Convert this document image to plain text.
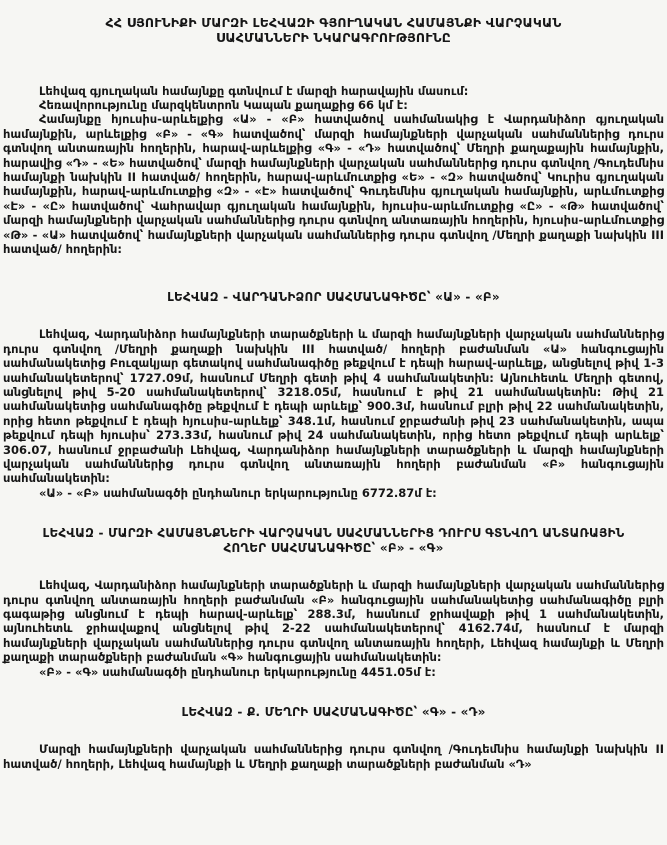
ՀՀ ՍՅՈՒՆԻՔԻ ՄԱՐԶԻ ԼԵՀՎԱԶԻ ԳՅՈՒՂԱԿԱՆ ՀԱՄԱՅՆՔԻ ՎԱՐՉԱԿԱՆ ՍԱՀՄԱՆՆԵՐԻ ՆԿԱՐԱԳՐՈՒԹՅՈՒՆԸ

Լեհվազ գյուղական համայնքը գտնվում է մարզի հարավային մասում:

Հեռավորությունը մարզկենտրոն Կապան քաղաքից 66 կմ է:

Համայնքը հյուսիս-արևելքից «Ա» - «Բ» հատվածով սահմանակից է Վարդանիձոր գյուղական համայնքին, արևելքից «Բ» - «Գ» հատվածով՝ մարզի համայնքների վարչական սահմաններից դուրս գտնվող անտառային հողերին, հարավ-արևելքից «Գ» - «Դ» հատվածով՝ Մեղրի քաղաքային համայնքին, հարավից «Դ» - «Ե» հատվածով՝ մարզի համայնքների վարչական սահմաններից դուրս գտնվող /Գուդեմնիս համայնքի նախկին II հատված/ հողերին, հարավ-արևմուտքից «Ե» - «Զ» հատվածով՝ Կուրիս գյուղական համայնքին, հարավ-արևմուտքից «Զ» - «Է» հատվածով՝ Գուդեմնիս գյուղական համայնքին, արևմուտքից «Է» - «Ը» հատվածով՝ Վահրավար գյուղական համայնքին, հյուսիս-արևմուտքից «Ը» - «Թ» հատվածով՝ մարզի համայնքների վարչական սահմաններից դուրս գտնվող անտառային հողերին, հյուսիս-արևմուտքից «Թ» - «Ա» հատվածով՝ համայնքների վարչական սահմաններից դուրս գտնվող /Մեղրի քաղաքի նախկին III հատված/ հողերին:

ԼԵՀՎԱԶ - ՎԱՐԴԱՆԻՁՈՐ ՍԱՀՄԱՆԱԳԻԾԸ՝ «Ա» - «Բ»

Լեհվազ, Վարդանիձոր համայնքների տարածքների և մարզի համայնքների վարչական սահմաններից դուրս գտնվող /Մեղրի քաղաքի նախկին III հատված/ հողերի բաժանման «Ա» հանգուցային սահմանակետից Բուզակյար գետակով սահմանագիծը թեքվում է դեպի հարավ-արևելք, անցնելով թիվ 1-3 սահմանակետերով՝ 1727.09մ, հասնում Մեղրի գետի թիվ 4 սահմանակետին: Այնուհետև Մեղրի գետով, անցնելով թիվ 5-20 սահմանակետերով՝ 3218.05մ, հասնում է թիվ 21 սահմանակետին: Թիվ 21 սահմանակետից սահմանագիծը թեքվում է դեպի արևելք՝ 900.3մ, հասնում բլրի թիվ 22 սահմանակետին, որից հետո թեքվում է դեպի հյուսիս-արևելք՝ 348.1մ, հասնում ջրբաժանի թիվ 23 սահմանակետին, ապա թեքվում դեպի հյուսիս՝ 273.33մ, հասնում թիվ 24 սահմանակետին, որից հետո թեքվում դեպի արևելք՝ 306.07, հասնում ջրբաժանի Լեհվազ, Վարդանիձոր համայնքների տարածքների և մարզի համայնքների վարչական սահմաններից դուրս գտնվող անտառային հողերի բաժանման «Բ» հանգուցային սահմանակետին:

«Ա» - «Բ» սահմանագծի ընդհանուր երկարությունը 6772.87մ է:

ԼԵՀՎԱԶ - ՄԱՐԶԻ ՀԱՄԱՅՆՔՆԵՐԻ ՎԱՐՉԱԿԱՆ ՍԱՀՄԱՆՆԵՐԻՑ ԴՈՒՐՍ ԳՏՆՎՈՂ ԱՆՏԱՌԱՅԻՆ ՀՈՂԵՐ ՍԱՀՄԱՆԱԳԻԾԸ՝ «Բ» - «Գ»

Լեհվազ, Վարդանիձոր համայնքների տարածքների և մարզի համայնքների վարչական սահմաններից դուրս գտնվող անտառային հողերի բաժանման «Բ» հանգուցային սահմանակետից սահմանագիծը բլրի գագաթից անցնում է դեպի հարավ-արևելք՝ 288.3մ, հասնում ջրհավաքի թիվ 1 սահմանակետին, այնուհետև ջրհավաքով անցնելով թիվ 2-22 սահմանակետերով՝ 4162.74մ, հասնում է մարզի համայնքների վարչական սահմաններից դուրս գտնվող անտառային հողերի, Լեհվազ համայնքի և Մեղրի քաղաքի տարածքների բաժանման «Գ» հանգուցային սահմանակետին:

«Բ» - «Գ» սահմանագծի ընդհանուր երկարությունը 4451.05մ է:

ԼԵՀՎԱԶ - Ք. ՄԵՂՐԻ ՍԱՀՄԱՆԱԳԻԾԸ՝ «Գ» - «Դ»

Մարզի համայնքների վարչական սահմաններից դուրս գտնվող /Գուդեմնիս համայնքի նախկին II հատված/ հողերի, Լեհվազ համայնքի և Մեղրի քաղաքի տարածքների բաժանման «Դ»
